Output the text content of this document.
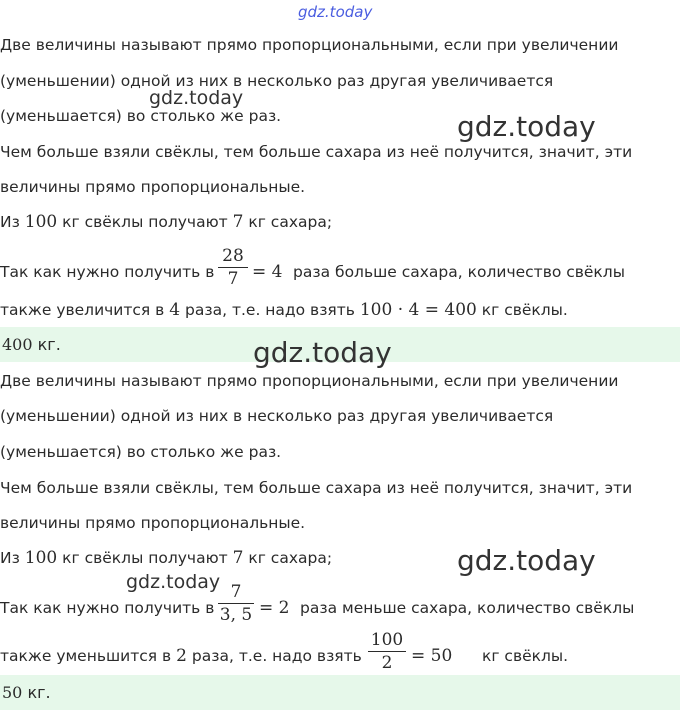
gdz.today
gdz.today
gdz.today
Две величины называют прямо пропорциональными, если при увеличении
(уменьшении) одной из них в несколько раз другая увеличивается
(уменьшается) во столько же раз.
Чем больше взяли свёклы, тем больше сахара из неё получится, значит, эти
величины прямо пропорциональные.
Из 100 кг свёклы получают 7 кг сахара;
Так как нужно получить в
28
7 = 4 раза больше сахара, количество свёклы
также увеличится в 4 раза, т.е. надо взять 100 · 4 = 400 кг свёклы.
400 кг.	gdz.today
Две величины называют прямо пропорциональными, если при увеличении
(уменьшении) одной из них в несколько раз другая увеличивается
(уменьшается) во столько же раз.
Чем больше взяли свёклы, тем больше сахара из неё получится, значит, эти
величины прямо пропорциональные.
Из 100 кг свёклы получают 7 кг сахара;	gdz.today
gdz.today
Так как нужно получить в
7
3, 5 = 2 раза меньше сахара, количество свёклы
также уменьшится в 2 раза, т.е. надо взять
100
2	= 50 кг свёклы.
50 кг.
